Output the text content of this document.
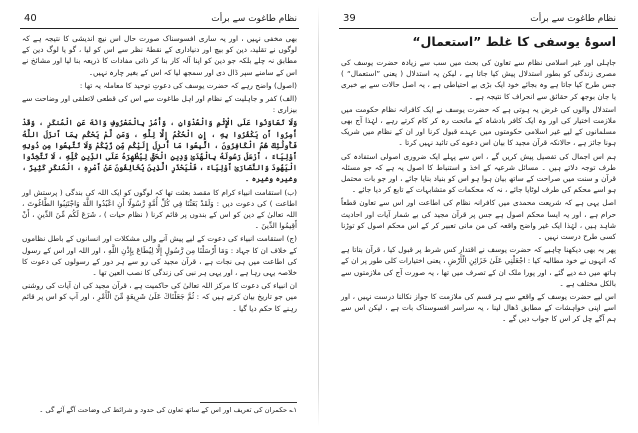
نظام طاغوت سے برأت
40

بھی مخفی نہیں ، اور یہ ساری افسوسناک صورت حال اس نیچ اندیشی کا نتیجہ ہے کہ لوگوں نے تقلید، دین کو بیچ اور دنیاداری کے نقطۂ نظر سے اس کو لیا ، گو یا لوگ دین کے مطابق نہ چلے بلکہ جو دین کو اپنا آلہ کار بنا کر ذاتی مفادات کا ذریعہ بنا لیا اور مشائخ نے اس کے سامنے سپر ڈال دی اور سمجھ لیا کہ اس کے بغیر چارہ نہیں۔

(اصول) واضح رہے کہ حضرت یوسف کی دعوتِ توحید کا معاملہ یہ تھا :

(الف) کفر و جاہلیت کے نظام اور اہل طاغوت سے اس کی قطعی لاتعلقی اور وضاحت سے بیزاری :

وَلَا تَعَاوَنُوا عَلَى الْإِثْمِ وَالْعُدْوَانِ ، وَأْمُرْ بِالْمَعْرُوفِ وَانْهَ عَنِ الْمُنكَرِ ، وَقَدْ أُمِرُوا أَن يَكْفُرُوا بِهِ ، إِنِ الْحُكْمُ إِلَّا لِلَّهِ ، وَمَن لَّمْ يَحْكُم بِمَا أَنزَلَ اللَّهُ فَأُولَٰئِكَ هُمُ الْكَافِرُونَ ، اتَّبِعُوا مَا أُنزِلَ إِلَيْكُم مِّن رَّبِّكُمْ وَلَا تَتَّبِعُوا مِن دُونِهِ أَوْلِيَاءَ ، أَرْسَلَ رَسُولَهُ بِالْهُدَىٰ وَدِينِ الْحَقِّ لِيُظْهِرَهُ عَلَى الدِّينِ كُلِّهِ ، لَا تَتَّخِذُوا الْيَهُودَ وَالنَّصَارَىٰ أَوْلِيَاءَ ، فَلْيَحْذَرِ الَّذِينَ يُخَالِفُونَ عَنْ أَمْرِهِ ، الْمُنكَرِ كَثِيرٌ ، وغیرہ وغیرہ ۔

(ب) استقامت انبیاء کرام کا مقصد بعثت تھا کہ لوگوں کو ایک اللہ کی بندگی ( پرستش اور اطاعت ) کی دعوت دیں : وَلَقَدْ بَعَثْنَا فِي كُلِّ أُمَّةٍ رَّسُولًا أَنِ اعْبُدُوا اللَّهَ وَاجْتَنِبُوا الطَّاغُوتَ ، اللہ تعالیٰ کے دین کو اس کے بندوں پر قائم کرنا ( نظام حیات ) ، شَرَعَ لَكُم مِّنَ الدِّينِ ، أَنْ أَقِيمُوا الدِّينَ ۔

(ج) استقامت انبیاء کی دعوت کے لیے پیش آنے والی مشکلات اور انسانوں کے باطل نظاموں کے خلاف ان کا جہاد : وَمَا أَرْسَلْنَا مِن رَّسُولٍ إِلَّا لِيُطَاعَ بِإِذْنِ اللَّهِ ، اور اللہ اور اس کے رسول کی اطاعت میں ہی نجات ہے ، قرآن مجید کی رو سے ہر دور کے رسولوں کی دعوت کا خلاصہ یہی رہا ہے ، اور یہی ہر نبی کی زندگی کا نصب العین تھا ۔

ان انبیاء کی دعوت کا مرکز اللہ تعالیٰ کی حاکمیت ہے ، قرآن مجید کی ان آیات کی روشنی میں جو تاریخ بیان کرتے ہیں کہ : ثُمَّ جَعَلْنَاكَ عَلَىٰ شَرِيعَةٍ مِّنَ الْأَمْرِ ، اور آپ کو اس پر قائم رہنے کا حکم دیا گیا ۔

۱؎ حکمران کی تعریف اور اس کے ساتھ تعاون کی حدود و شرائط کی وضاحت آگے آئے گی ۔
نظام طاغوت سے برأت
39
اسوۂ یوسفی کا غلط ”استعمال“

جاہلی اور غیر اسلامی نظام سے تعاون کی بحث میں سب سے زیادہ حضرت یوسف کی مصری زندگی کو بطور استدلال پیش کیا جاتا ہے ، لیکن یہ استدلال ( یعنی ”استعمال“ ) جس طرح کیا جاتا ہے وہ بجائے خود ایک بڑی بے احتیاطی ہے ، یہ اصل حالات سے بے خبری یا جان بوجھ کر حقائق سے انحراف کا نتیجہ ہے ۔

استدلال والوں کی غرض یہ ہوتی ہے کہ حضرت یوسف نے ایک کافرانہ نظام حکومت میں ملازمت اختیار کی اور وہ ایک کافر بادشاہ کے ماتحت رہ کر کام کرتے رہے ، لہٰذا آج بھی مسلمانوں کے لیے غیر اسلامی حکومتوں میں عہدے قبول کرنا اور ان کے نظام میں شریک ہونا جائز ہے ، حالانکہ قرآن مجید کا بیان اس دعوے کی تائید نہیں کرتا ۔

ہم اس اجمال کی تفصیل پیش کریں گے ، اس سے پہلے ایک ضروری اصولی استفادہ کی طرف توجہ دلاتے ہیں ۔ مسائل شرعیہ کے اخذ و استنباط کا اصول یہ ہے کہ جو مسئلہ قرآن و سنت میں صراحت کے ساتھ بیان ہوا ہو اس کو بنیاد بنایا جائے ، اور جو بات محتمل ہو اسے محکم کی طرف لوٹایا جائے ، نہ کہ محکمات کو متشابہات کے تابع کر دیا جائے ۔

اصل یہی ہے کہ شریعت محمدی میں کافرانہ نظام کی اطاعت اور اس سے تعاون قطعاً حرام ہے ، اور یہ ایسا محکم اصول ہے جس پر قرآن مجید کی بے شمار آیات اور احادیث شاہد ہیں ، لہٰذا ایک غیر واضح واقعہ کی من مانی تعبیر کر کے اس محکم اصول کو توڑنا کسی طرح درست نہیں ۔

پھر یہ بھی دیکھنا چاہیے کہ حضرت یوسف نے اقتدار کس شرط پر قبول کیا ، قرآن بتاتا ہے کہ انہوں نے خود مطالبہ کیا : اجْعَلْنِي عَلَىٰ خَزَائِنِ الْأَرْضِ ، یعنی اختیارات کلی طور پر ان کے ہاتھ میں دے دیے گئے ، اور پورا ملک ان کے تصرف میں تھا ، یہ صورت آج کی ملازمتوں سے بالکل مختلف ہے ۔

اس لیے حضرت یوسف کے واقعے سے ہر قسم کی ملازمت کا جواز نکالنا درست نہیں ، اور اسے اپنی خواہشات کے مطابق ڈھال لینا ، یہ سراسر افسوسناک بات ہے ، لیکن اس سے ہم آگے چل کر اس کا جواب دیں گے ۔
